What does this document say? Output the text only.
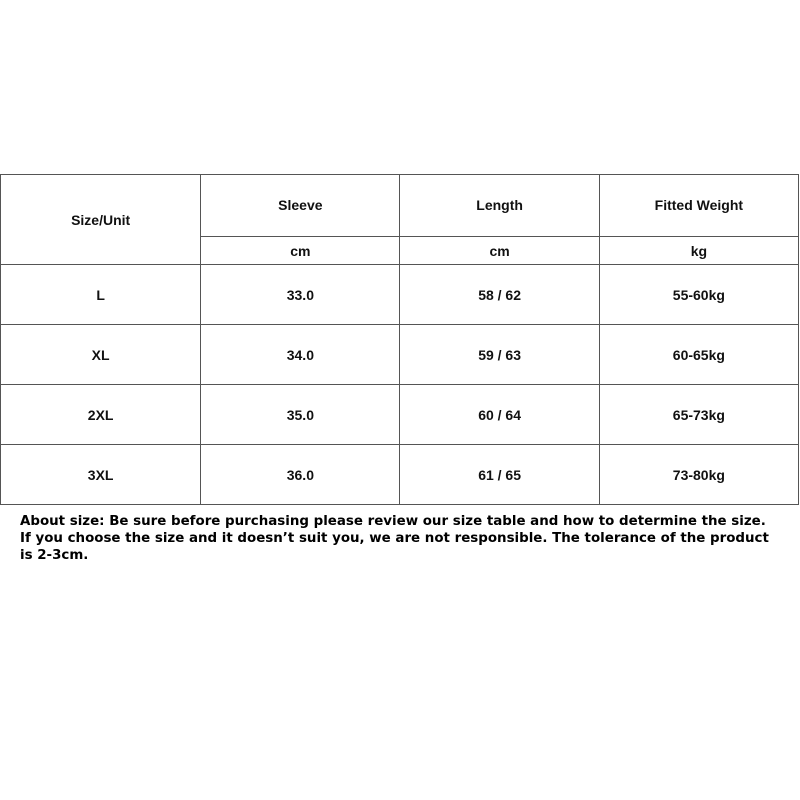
Size/Unit	Sleeve	Length	Fitted Weight
	cm	cm	kg
L	33.0	58 / 62	55-60kg
XL	34.0	59 / 63	60-65kg
2XL	35.0	60 / 64	65-73kg
3XL	36.0	61 / 65	73-80kg

About size: Be sure before purchasing please review our size table and how to determine the size.
If you choose the size and it doesn’t suit you, we are not responsible. The tolerance of the product
is 2-3cm.
